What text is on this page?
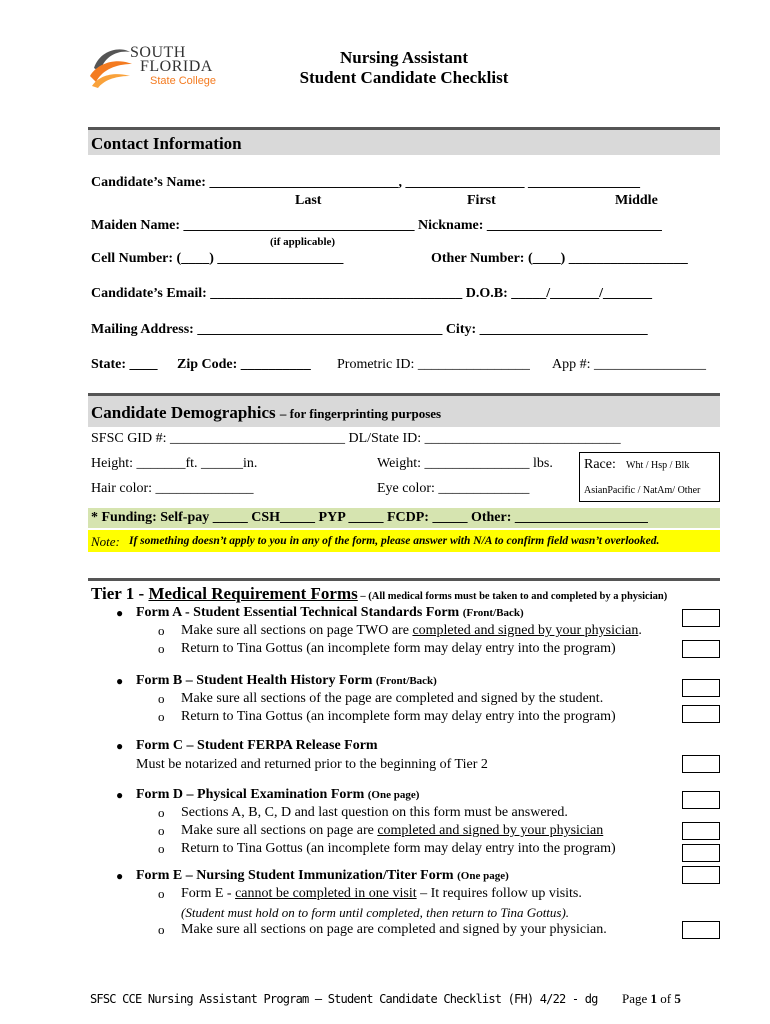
SOUTH
FLORIDA
State College
Nursing Assistant
Student Candidate Checklist
Contact Information
Candidate’s Name: ___________________________, _________________ ________________
Last	First	Middle
Maiden Name: _________________________________ Nickname: _________________________
(if applicable)
Cell Number: (____) __________________	Other Number: (____) _________________
Candidate’s Email: ____________________________________ D.O.B: _____/_______/_______
Mailing Address: ___________________________________ City: ________________________
State: ____ Zip Code: __________ Prometric ID: ________________ App #: ________________
Candidate Demographics – for fingerprinting purposes
SFSC GID #: _________________________ DL/State ID: ____________________________
Height: _______ft. ______in.	Weight: _______________ lbs. Race: Wht / Hsp / Blk
AsianPacific / NatAm/ Other
Hair color: ______________	Eye color: _____________
* Funding: Self-pay _____ CSH_____ PYP _____ FCDP: _____ Other: ___________________
Note: If something doesn’t apply to you in any of the form, please answer with N/A to confirm field wasn’t overlooked.
Tier 1 - Medical Requirement Forms – (All medical forms must be taken to and completed by a physician)
● Form A - Student Essential Technical Standards Form (Front/Back)
o Make sure all sections on page TWO are completed and signed by your physician.
o Return to Tina Gottus (an incomplete form may delay entry into the program)
● Form B – Student Health History Form (Front/Back)
o Make sure all sections of the page are completed and signed by the student.
o Return to Tina Gottus (an incomplete form may delay entry into the program)
● Form C – Student FERPA Release Form
Must be notarized and returned prior to the beginning of Tier 2
● Form D – Physical Examination Form (One page)
o Sections A, B, C, D and last question on this form must be answered.
o Make sure all sections on page are completed and signed by your physician
o Return to Tina Gottus (an incomplete form may delay entry into the program)
● Form E – Nursing Student Immunization/Titer Form (One page)
o Form E - cannot be completed in one visit – It requires follow up visits.
(Student must hold on to form until completed, then return to Tina Gottus).
o Make sure all sections on page are completed and signed by your physician.
SFSC CCE Nursing Assistant Program — Student Candidate Checklist (FH) 4/22 - dg Page 1 of 5
